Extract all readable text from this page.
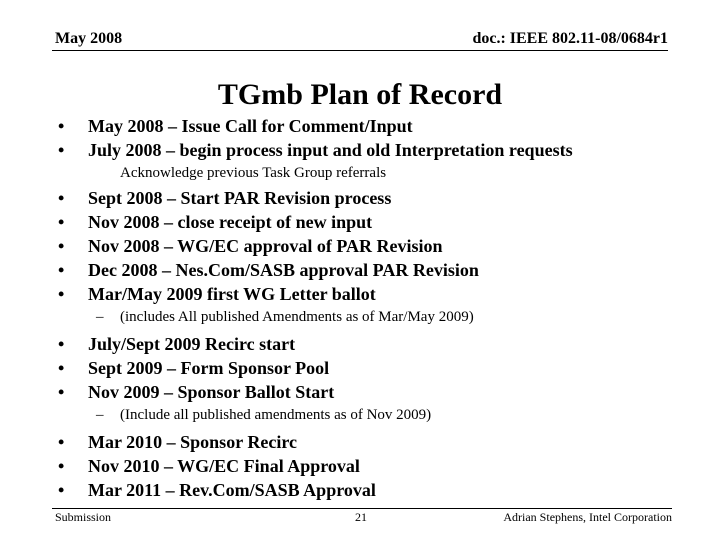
May 2008	doc.: IEEE 802.11-08/0684r1
TGmb Plan of Record
• May 2008 – Issue Call for Comment/Input
• July 2008 – begin process input and old Interpretation requests
Acknowledge previous Task Group referrals
• Sept 2008 – Start PAR Revision process
• Nov 2008 – close receipt of new input
• Nov 2008 – WG/EC approval of PAR Revision
• Dec 2008 – Nes.Com/SASB approval PAR Revision
• Mar/May 2009 first WG Letter ballot
– (includes All published Amendments as of Mar/May 2009)
• July/Sept 2009 Recirc start
• Sept 2009 – Form Sponsor Pool
• Nov 2009 – Sponsor Ballot Start
– (Include all published amendments as of Nov 2009)
• Mar 2010 – Sponsor Recirc
• Nov 2010 – WG/EC Final Approval
• Mar 2011 – Rev.Com/SASB Approval
Submission	21	Adrian Stephens, Intel Corporation
